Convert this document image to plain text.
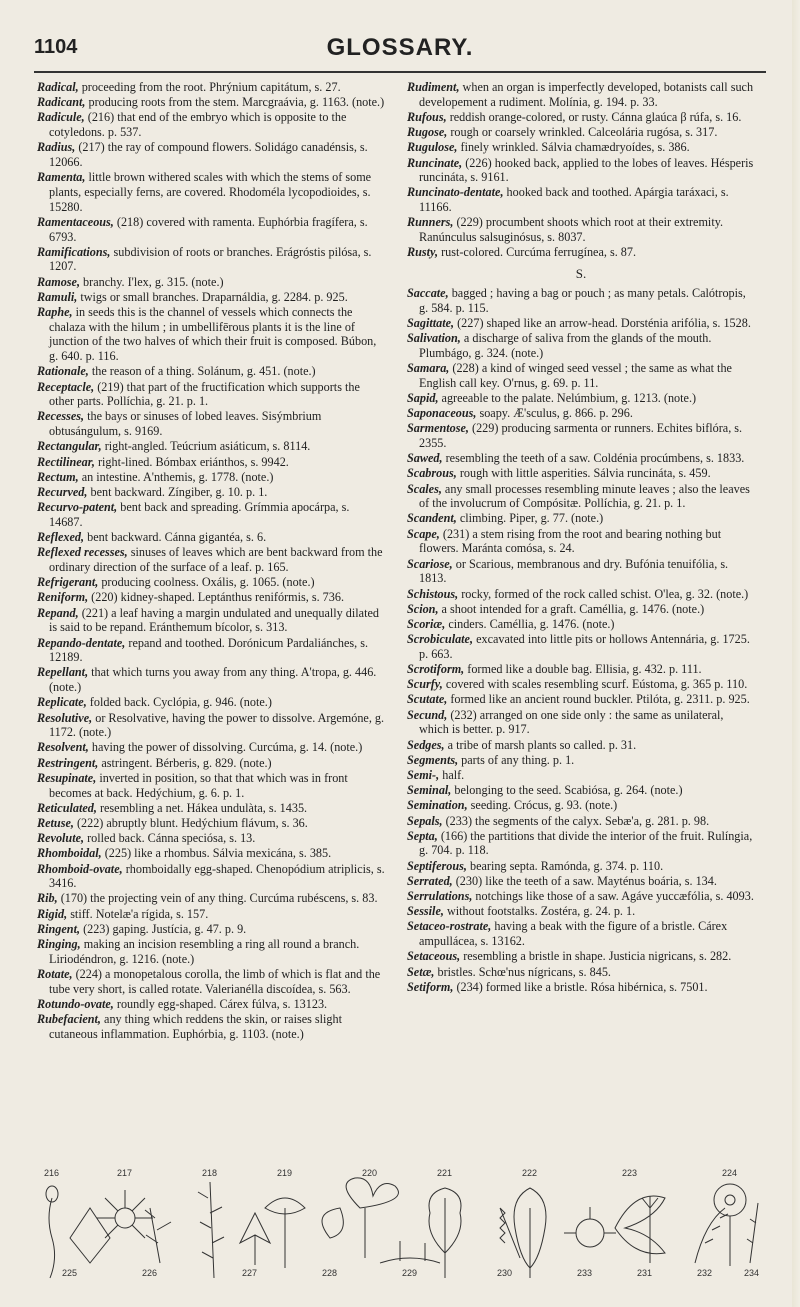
1104	GLOSSARY.
Radical, proceeding from the root. Phrýnium capitátum, s. 27.
Radicant, producing roots from the stem. Marcgraávia, g. 1163. (note.)
Radicule, (216) that end of the embryo which is opposite to the cotyledons. p. 537.
Radius, (217) the ray of compound flowers. Solidágo canadénsis, s. 12066.
Ramenta, little brown withered scales with which the stems of some plants, especially ferns, are covered. Rhodoméla lycopodioides, s. 15280.
Ramentaceous, (218) covered with ramenta. Euphórbia fragífera, s. 6793.
Ramifications, subdivision of roots or branches. Erágróstis pilósa, s. 1207.
Ramose, branchy. I'lex, g. 315. (note.)
Ramuli, twigs or small branches. Draparnáldia, g. 2284. p. 925.
Raphe, in seeds this is the channel of vessels which connects the chalaza with the hilum ; in umbellifērous plants it is the line of junction of the two halves of which their fruit is composed. Búbon, g. 640. p. 116.
Rationale, the reason of a thing. Solánum, g. 451. (note.)
Receptacle, (219) that part of the fructification which supports the other parts. Pollíchia, g. 21. p. 1.
Recesses, the bays or sinuses of lobed leaves. Sisýmbrium obtusángulum, s. 9169.
Rectangular, right-angled. Teúcrium asiáticum, s. 8114.
Rectilinear, right-lined. Bómbax eriánthos, s. 9942.
Rectum, an intestine. A'nthemis, g. 1778. (note.)
Recurved, bent backward. Zíngiber, g. 10. p. 1.
Recurvo-patent, bent back and spreading. Grímmia apocárpa, s. 14687.
Reflexed, bent backward. Cánna gigantéa, s. 6.
Reflexed recesses, sinuses of leaves which are bent backward from the ordinary direction of the surface of a leaf. p. 165.
Refrigerant, producing coolness. Oxális, g. 1065. (note.)
Reniform, (220) kidney-shaped. Leptánthus renifórmis, s. 736.
Repand, (221) a leaf having a margin undulated and unequally dilated is said to be repand. Eránthemum bícolor, s. 313.
Repando-dentate, repand and toothed. Dorónicum Pardaliánches, s. 12189.
Repellant, that which turns you away from any thing. A'tropa, g. 446. (note.)
Replicate, folded back. Cyclópia, g. 946. (note.)
Resolutive, or Resolvative, having the power to dissolve. Argemóne, g. 1172. (note.)
Resolvent, having the power of dissolving. Curcúma, g. 14. (note.)
Restringent, astringent. Bérberis, g. 829. (note.)
Resupinate, inverted in position, so that that which was in front becomes at back. Hedýchium, g. 6. p. 1.
Reticulated, resembling a net. Hákea undulàta, s. 1435.
Retuse, (222) abruptly blunt. Hedýchium flávum, s. 36.
Revolute, rolled back. Cánna speciósa, s. 13.
Rhomboidal, (225) like a rhombus. Sálvia mexicána, s. 385.
Rhomboid-ovate, rhomboidally egg-shaped. Chenopódium atriplicis, s. 3416.
Rib, (170) the projecting vein of any thing. Curcúma rubéscens, s. 83.
Rigid, stiff. Notelæ'a rígida, s. 157.
Ringent, (223) gaping. Justícia, g. 47. p. 9.
Ringing, making an incision resembling a ring all round a branch. Liriodéndron, g. 1216. (note.)
Rotate, (224) a monopetalous corolla, the limb of which is flat and the tube very short, is called rotate. Valerianélla discoídea, s. 563.
Rotundo-ovate, roundly egg-shaped. Cárex fúlva, s. 13123.
Rubefacient, any thing which reddens the skin, or raises slight cutaneous inflammation. Euphórbia, g. 1103. (note.)
Rudiment, when an organ is imperfectly developed, botanists call such developement a rudiment. Molínia, g. 194. p. 33.
Rufous, reddish orange-colored, or rusty. Cánna glaúca β rúfa, s. 16.
Rugose, rough or coarsely wrinkled. Calceolária rugósa, s. 317.
Rugulose, finely wrinkled. Sálvia chamædryoídes, s. 386.
Runcinate, (226) hooked back, applied to the lobes of leaves. Hésperis runcináta, s. 9161.
Runcinato-dentate, hooked back and toothed. Apárgia taráxaci, s. 11166.
Runners, (229) procumbent shoots which root at their extremity. Ranúnculus salsuginósus, s. 8037.
Rusty, rust-colored. Curcúma ferrugínea, s. 87.
S.
Saccate, bagged ; having a bag or pouch ; as many petals. Calótropis, g. 584. p. 115.
Sagittate, (227) shaped like an arrow-head. Dorsténia arifólia, s. 1528.
Salivation, a discharge of saliva from the glands of the mouth. Plumbágo, g. 324. (note.)
Samara, (228) a kind of winged seed vessel ; the same as what the English call key. O'rnus, g. 69. p. 11.
Sapid, agreeable to the palate. Nelúmbium, g. 1213. (note.)
Saponaceous, soapy. Æ'sculus, g. 866. p. 296.
Sarmentose, (229) producing sarmenta or runners. Echites biflóra, s. 2355.
Sawed, resembling the teeth of a saw. Coldénia procúmbens, s. 1833.
Scabrous, rough with little asperities. Sálvia runcináta, s. 459.
Scales, any small processes resembling minute leaves ; also the leaves of the involucrum of Compósitæ. Pollíchia, g. 21. p. 1.
Scandent, climbing. Piper, g. 77. (note.)
Scape, (231) a stem rising from the root and bearing nothing but flowers. Maránta comósa, s. 24.
Scariose, or Scarious, membranous and dry. Bufónia tenuifólia, s. 1813.
Schistous, rocky, formed of the rock called schist. O'lea, g. 32. (note.)
Scion, a shoot intended for a graft. Caméllia, g. 1476. (note.)
Scoriæ, cinders. Caméllia, g. 1476. (note.)
Scrobiculate, excavated into little pits or hollows Antennária, g. 1725. p. 663.
Scrotiform, formed like a double bag. Ellisia, g. 432. p. 111.
Scurfy, covered with scales resembling scurf. Eústoma, g. 365 p. 110.
Scutate, formed like an ancient round buckler. Ptilóta, g. 2311. p. 925.
Secund, (232) arranged on one side only : the same as unilateral, which is better. p. 917.
Sedges, a tribe of marsh plants so called. p. 31.
Segments, parts of any thing. p. 1.
Semi-, half.
Seminal, belonging to the seed. Scabiósa, g. 264. (note.)
Semination, seeding. Crócus, g. 93. (note.)
Sepals, (233) the segments of the calyx. Sebæ'a, g. 281. p. 98.
Septa, (166) the partitions that divide the interior of the fruit. Rulíngia, g. 704. p. 118.
Septiferous, bearing septa. Ramónda, g. 374. p. 110.
Serrated, (230) like the teeth of a saw. Mayténus boária, s. 134.
Serrulations, notchings like those of a saw. Agáve yuccæfólia, s. 4093.
Sessile, without footstalks. Zostéra, g. 24. p. 1.
Setaceo-rostrate, having a beak with the figure of a bristle. Cárex ampullácea, s. 13162.
Setaceous, resembling a bristle in shape. Justicia nigricans, s. 282.
Setæ, bristles. Schœ'nus nígricans, s. 845.
Setiform, (234) formed like a bristle. Rósa hibérnica, s. 7501.
216	217	218	219	220	221	222	223	224
225	226	227	228	229	230	233	231	232	234
